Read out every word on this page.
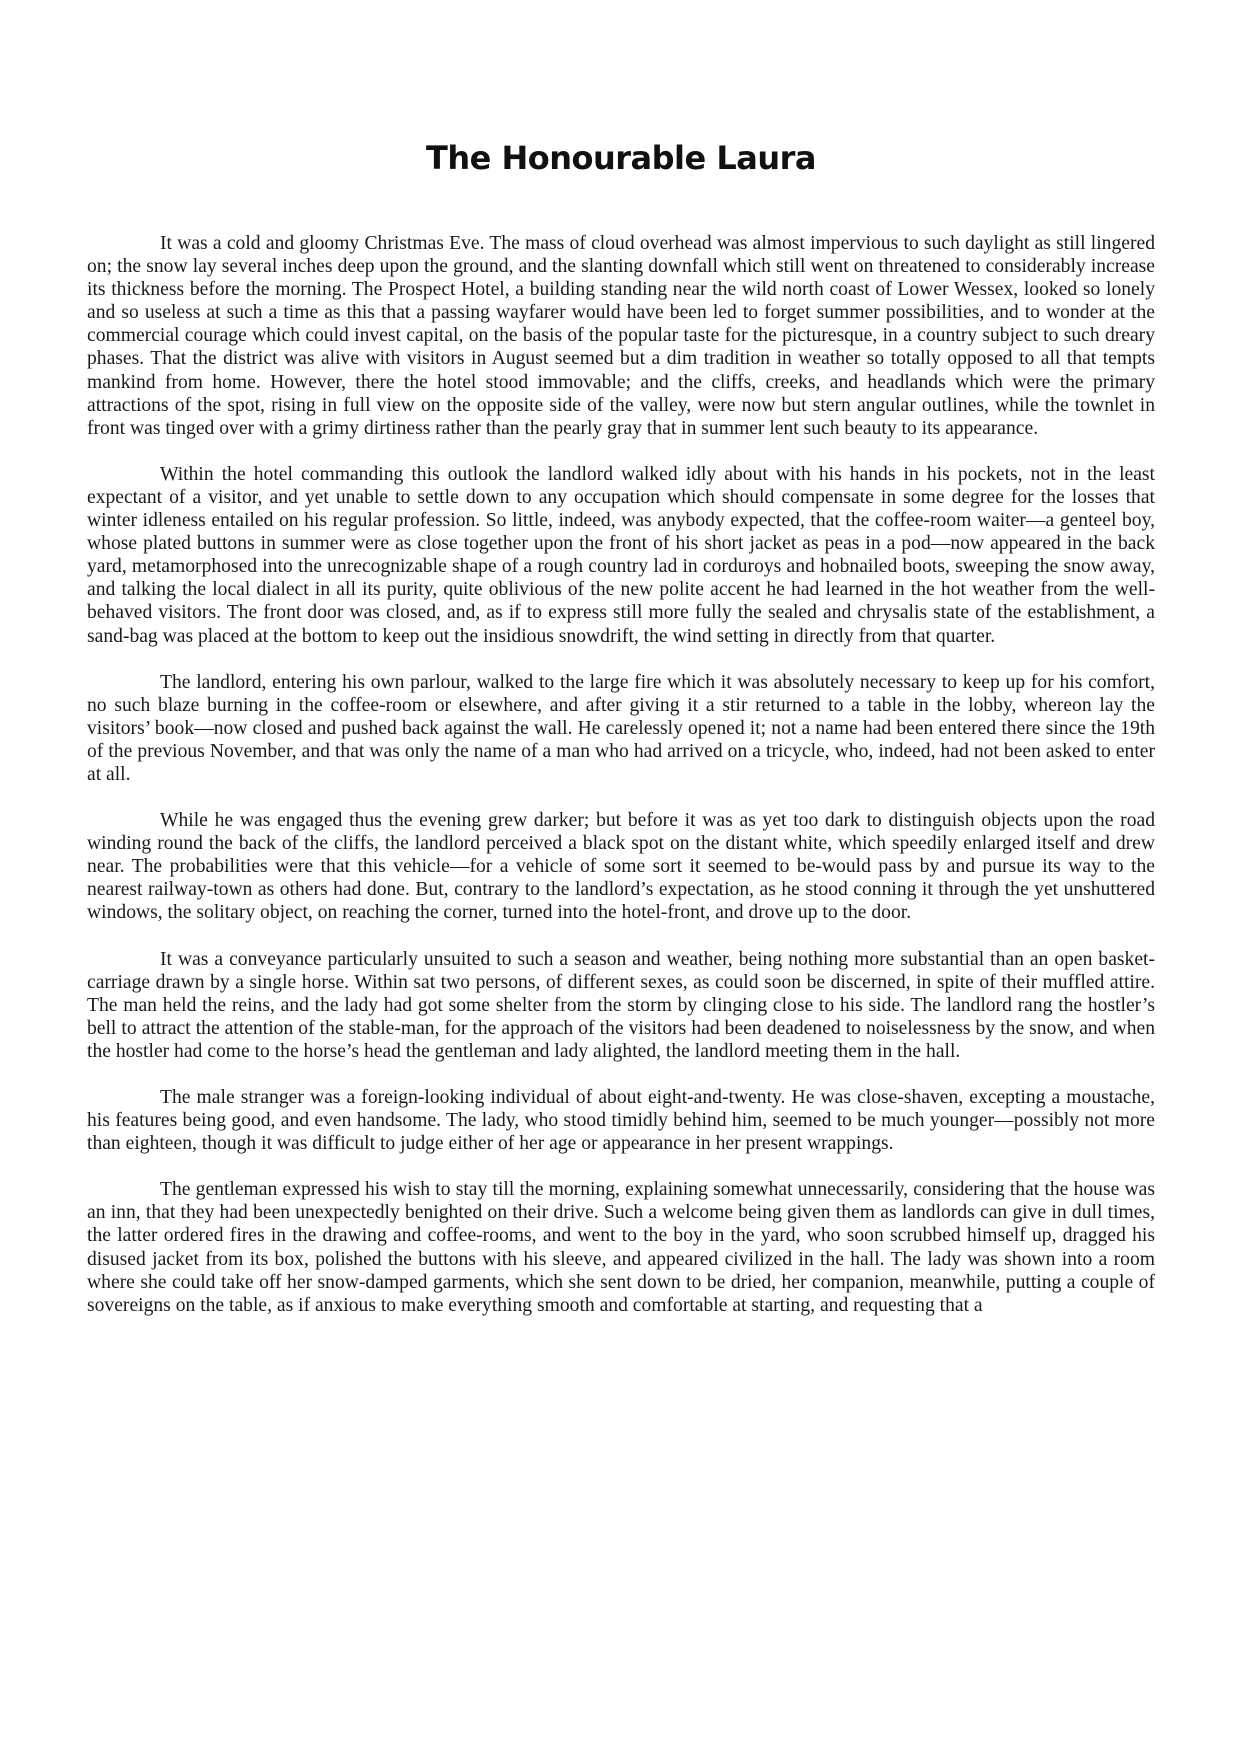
The Honourable Laura

It was a cold and gloomy Christmas Eve. The mass of cloud overhead was almost impervious to such daylight as still lingered on; the snow lay several inches deep upon the ground, and the slanting downfall which still went on threatened to considerably increase its thickness before the morning. The Prospect Hotel, a building standing near the wild north coast of Lower Wessex, looked so lonely and so useless at such a time as this that a passing wayfarer would have been led to forget summer possibilities, and to wonder at the commercial courage which could invest capital, on the basis of the popular taste for the picturesque, in a country subject to such dreary phases. That the district was alive with visitors in August seemed but a dim tradition in weather so totally opposed to all that tempts mankind from home. However, there the hotel stood immovable; and the cliffs, creeks, and headlands which were the primary attractions of the spot, rising in full view on the opposite side of the valley, were now but stern angular outlines, while the townlet in front was tinged over with a grimy dirtiness rather than the pearly gray that in summer lent such beauty to its appearance.

Within the hotel commanding this outlook the landlord walked idly about with his hands in his pockets, not in the least expectant of a visitor, and yet unable to settle down to any occupation which should compensate in some degree for the losses that winter idleness entailed on his regular profession. So little, indeed, was anybody expected, that the coffee-room waiter—a genteel boy, whose plated buttons in summer were as close together upon the front of his short jacket as peas in a pod—now appeared in the back yard, metamorphosed into the unrecognizable shape of a rough country lad in corduroys and hobnailed boots, sweeping the snow away, and talking the local dialect in all its purity, quite oblivious of the new polite accent he had learned in the hot weather from the well-behaved visitors. The front door was closed, and, as if to express still more fully the sealed and chrysalis state of the establishment, a sand-bag was placed at the bottom to keep out the insidious snowdrift, the wind setting in directly from that quarter.

The landlord, entering his own parlour, walked to the large fire which it was absolutely necessary to keep up for his comfort, no such blaze burning in the coffee-room or elsewhere, and after giving it a stir returned to a table in the lobby, whereon lay the visitors’ book—now closed and pushed back against the wall. He carelessly opened it; not a name had been entered there since the 19th of the previous November, and that was only the name of a man who had arrived on a tricycle, who, indeed, had not been asked to enter at all.

While he was engaged thus the evening grew darker; but before it was as yet too dark to distinguish objects upon the road winding round the back of the cliffs, the landlord perceived a black spot on the distant white, which speedily enlarged itself and drew near. The probabilities were that this vehicle—for a vehicle of some sort it seemed to be-would pass by and pursue its way to the nearest railway-town as others had done. But, contrary to the landlord’s expectation, as he stood conning it through the yet unshuttered windows, the solitary object, on reaching the corner, turned into the hotel-front, and drove up to the door.

It was a conveyance particularly unsuited to such a season and weather, being nothing more substantial than an open basket-carriage drawn by a single horse. Within sat two persons, of different sexes, as could soon be discerned, in spite of their muffled attire. The man held the reins, and the lady had got some shelter from the storm by clinging close to his side. The landlord rang the hostler’s bell to attract the attention of the stable-man, for the approach of the visitors had been deadened to noiselessness by the snow, and when the hostler had come to the horse’s head the gentleman and lady alighted, the landlord meeting them in the hall.

The male stranger was a foreign-looking individual of about eight-and-twenty. He was close-shaven, excepting a moustache, his features being good, and even handsome. The lady, who stood timidly behind him, seemed to be much younger—possibly not more than eighteen, though it was difficult to judge either of her age or appearance in her present wrappings.

The gentleman expressed his wish to stay till the morning, explaining somewhat unnecessarily, considering that the house was an inn, that they had been unexpectedly benighted on their drive. Such a welcome being given them as landlords can give in dull times, the latter ordered fires in the drawing and coffee-rooms, and went to the boy in the yard, who soon scrubbed himself up, dragged his disused jacket from its box, polished the buttons with his sleeve, and appeared civilized in the hall. The lady was shown into a room where she could take off her snow-damped garments, which she sent down to be dried, her companion, meanwhile, putting a couple of sovereigns on the table, as if anxious to make everything smooth and comfortable at starting, and requesting that a
